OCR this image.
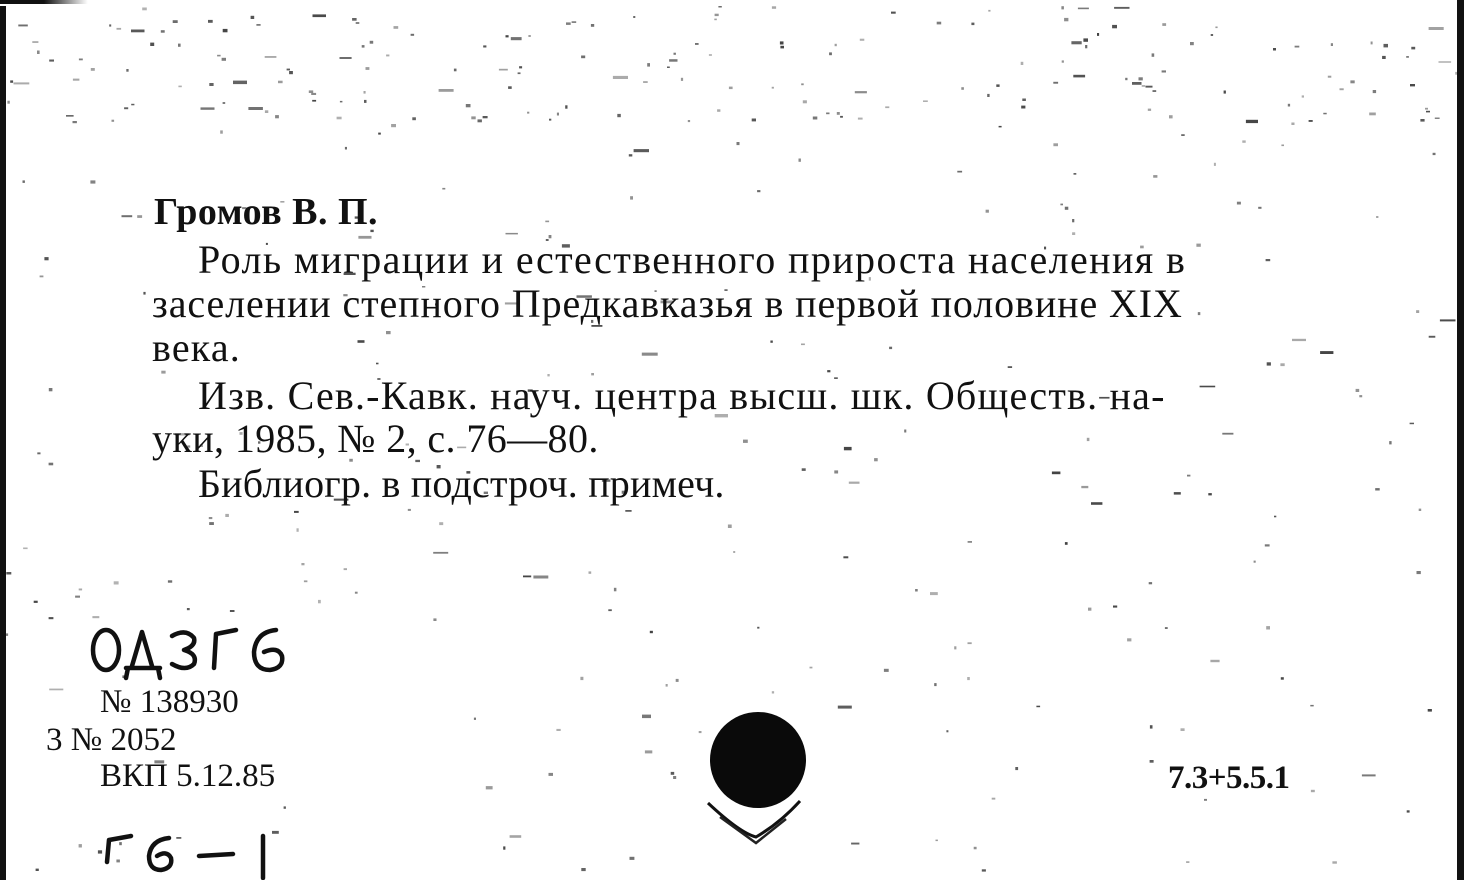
Громов В. П.
Роль миграции и естественного прироста населения в
заселении степного Предкавказья в первой половине XIX
века.
Изв. Сев.-Кавк. науч. центра высш. шк. Обществ. на-
уки, 1985, № 2, с. 76—80.
Библиогр. в подстроч. примеч.
№ 138930
3 № 2052
ВКП 5.12.85	7.3+5.5.1
